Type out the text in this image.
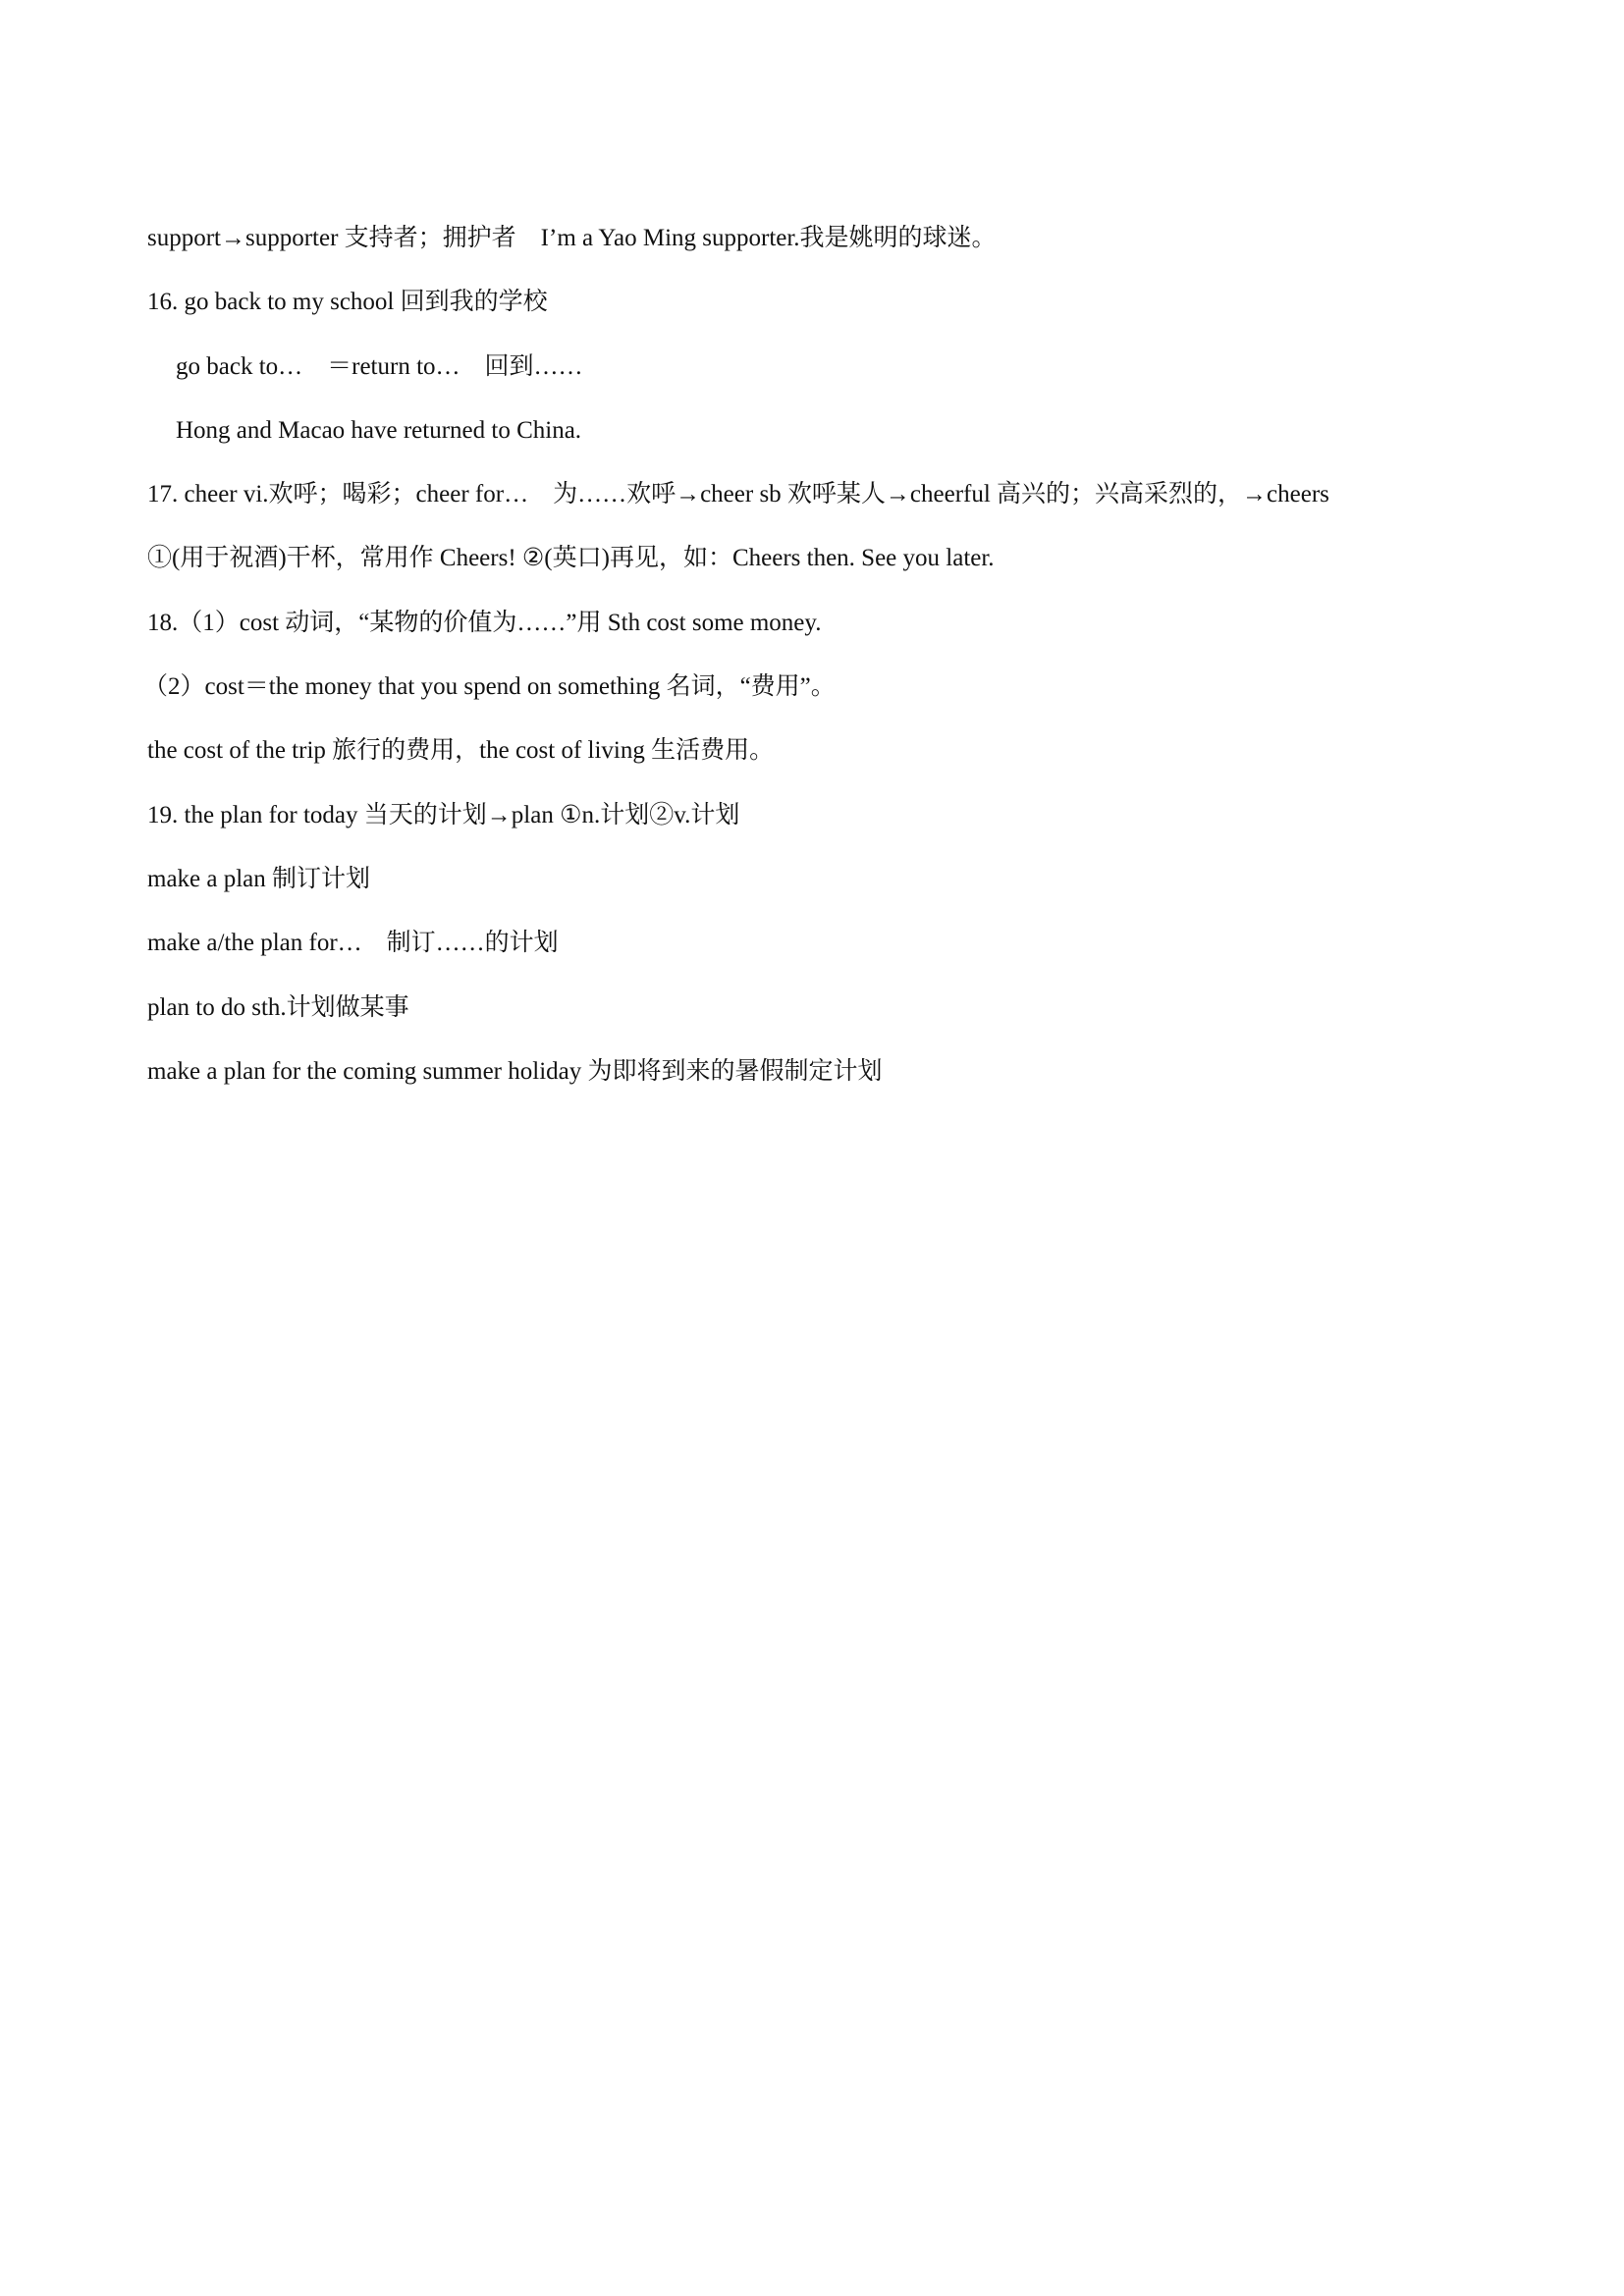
support→supporter 支持者；拥护者　I’m a Yao Ming supporter.我是姚明的球迷。
16. go back to my school 回到我的学校
go back to…　＝return to…　回到……
Hong and Macao have returned to China.
17. cheer vi.欢呼；喝彩；cheer for…　为……欢呼→cheer sb 欢呼某人→cheerful 高兴的；兴高采烈的，→cheers
①(用于祝酒)干杯，常用作 Cheers! ②(英口)再见，如：Cheers then. See you later.
18.（1）cost 动词，“某物的价值为……”用 Sth cost some money.
（2）cost＝the money that you spend on something 名词，“费用”。
the cost of the trip 旅行的费用，the cost of living 生活费用。
19. the plan for today 当天的计划→plan ①n.计划②v.计划
make a plan 制订计划
make a/the plan for…　制订……的计划
plan to do sth.计划做某事
make a plan for the coming summer holiday 为即将到来的暑假制定计划
